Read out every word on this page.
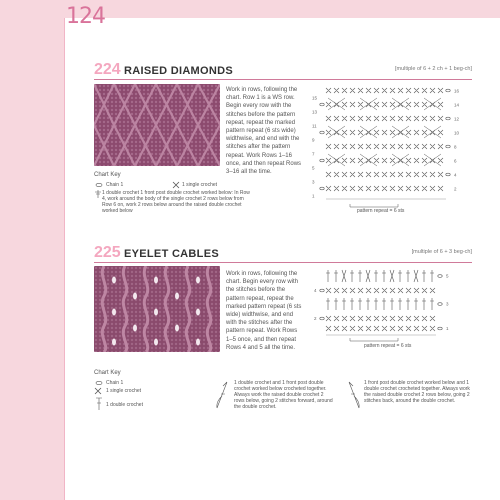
124
224 RAISED DIAMONDS	[multiple of 6 + 2 ch + 1 beg-ch]
Work in rows, following the chart. Row 1 is a WS row. Begin every row with the stitches before the pattern repeat, repeat the marked pattern repeat (6 sts wide) widthwise, and end with the stitches after the pattern repeat. Work Rows 1–16 once, and then repeat Rows 3–16 all the time.
16
14
12
10
8
6
4
2
15
13
11
9
7
5
3
1
pattern repeat = 6 sts
Chart Key
Chain 1	1 single crochet
1 double crochet 1 front post double crochet worked below: In Row 4, work around the body of the single crochet 2 rows below from Row 6 on, work 2 rows below around the raised double crochet worked below
225 EYELET CABLES	[multiple of 6 + 3 beg-ch]
Work in rows, following the chart. Begin every row with the stitches before the pattern repeat, repeat the marked pattern repeat (6 sts wide) widthwise, and end with the stitches after the pattern repeat. Work Rows 1–5 once, and then repeat Rows 4 and 5 all the time.
5
3
1
4
2
pattern repeat = 6 sts
Chart Key
Chain 1
1 single crochet
1 double crochet
1 double crochet and 1 front post double crochet worked below crocheted together. Always work the raised double crochet 2 rows below, going 2 stitches forward, around the double crochet.
1 front post double crochet worked below and 1 double crochet crocheted together. Always work the raised double crochet 2 rows below, going 2 stitches back, around the double crochet.
